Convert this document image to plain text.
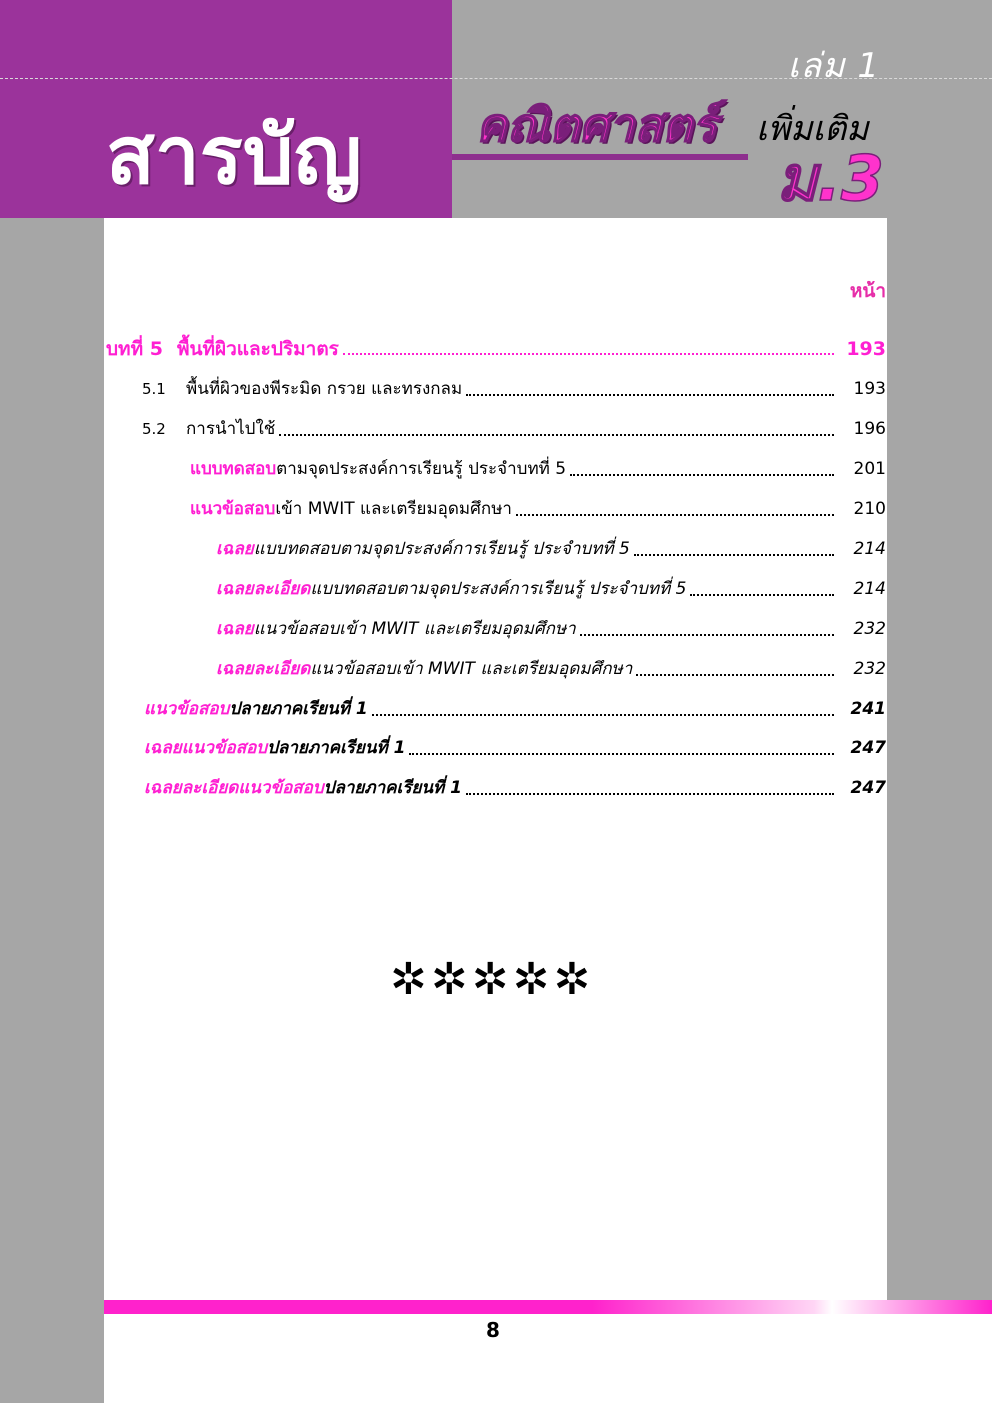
เล่ม 1
สารบัญ คณิตศาสตร์ เพิ่มเติม
ม.3
หน้า
บทที่ 5 พื้นที่ผิวและปริมาตร	193
5.1	พื้นที่ผิวของพีระมิด กรวย และทรงกลม	193
5.2	การนำไปใช้	196
แบบทดสอบ ตามจุดประสงค์การเรียนรู้ ประจำบทที่ 5	201
แนวข้อสอบ เข้า MWIT และเตรียมอุดมศึกษา	210
เฉลย แบบทดสอบตามจุดประสงค์การเรียนรู้ ประจำบทที่ 5	214
เฉลยละเอียด แบบทดสอบตามจุดประสงค์การเรียนรู้ ประจำบทที่ 5	214
เฉลย แนวข้อสอบเข้า MWIT และเตรียมอุดมศึกษา	232
เฉลยละเอียด แนวข้อสอบเข้า MWIT และเตรียมอุดมศึกษา	232
แนวข้อสอบ ปลายภาคเรียนที่ 1	241
เฉลยแนวข้อสอบ ปลายภาคเรียนที่ 1	247
เฉลยละเอียดแนวข้อสอบ ปลายภาคเรียนที่ 1	247
✲✲✲✲✲
8
